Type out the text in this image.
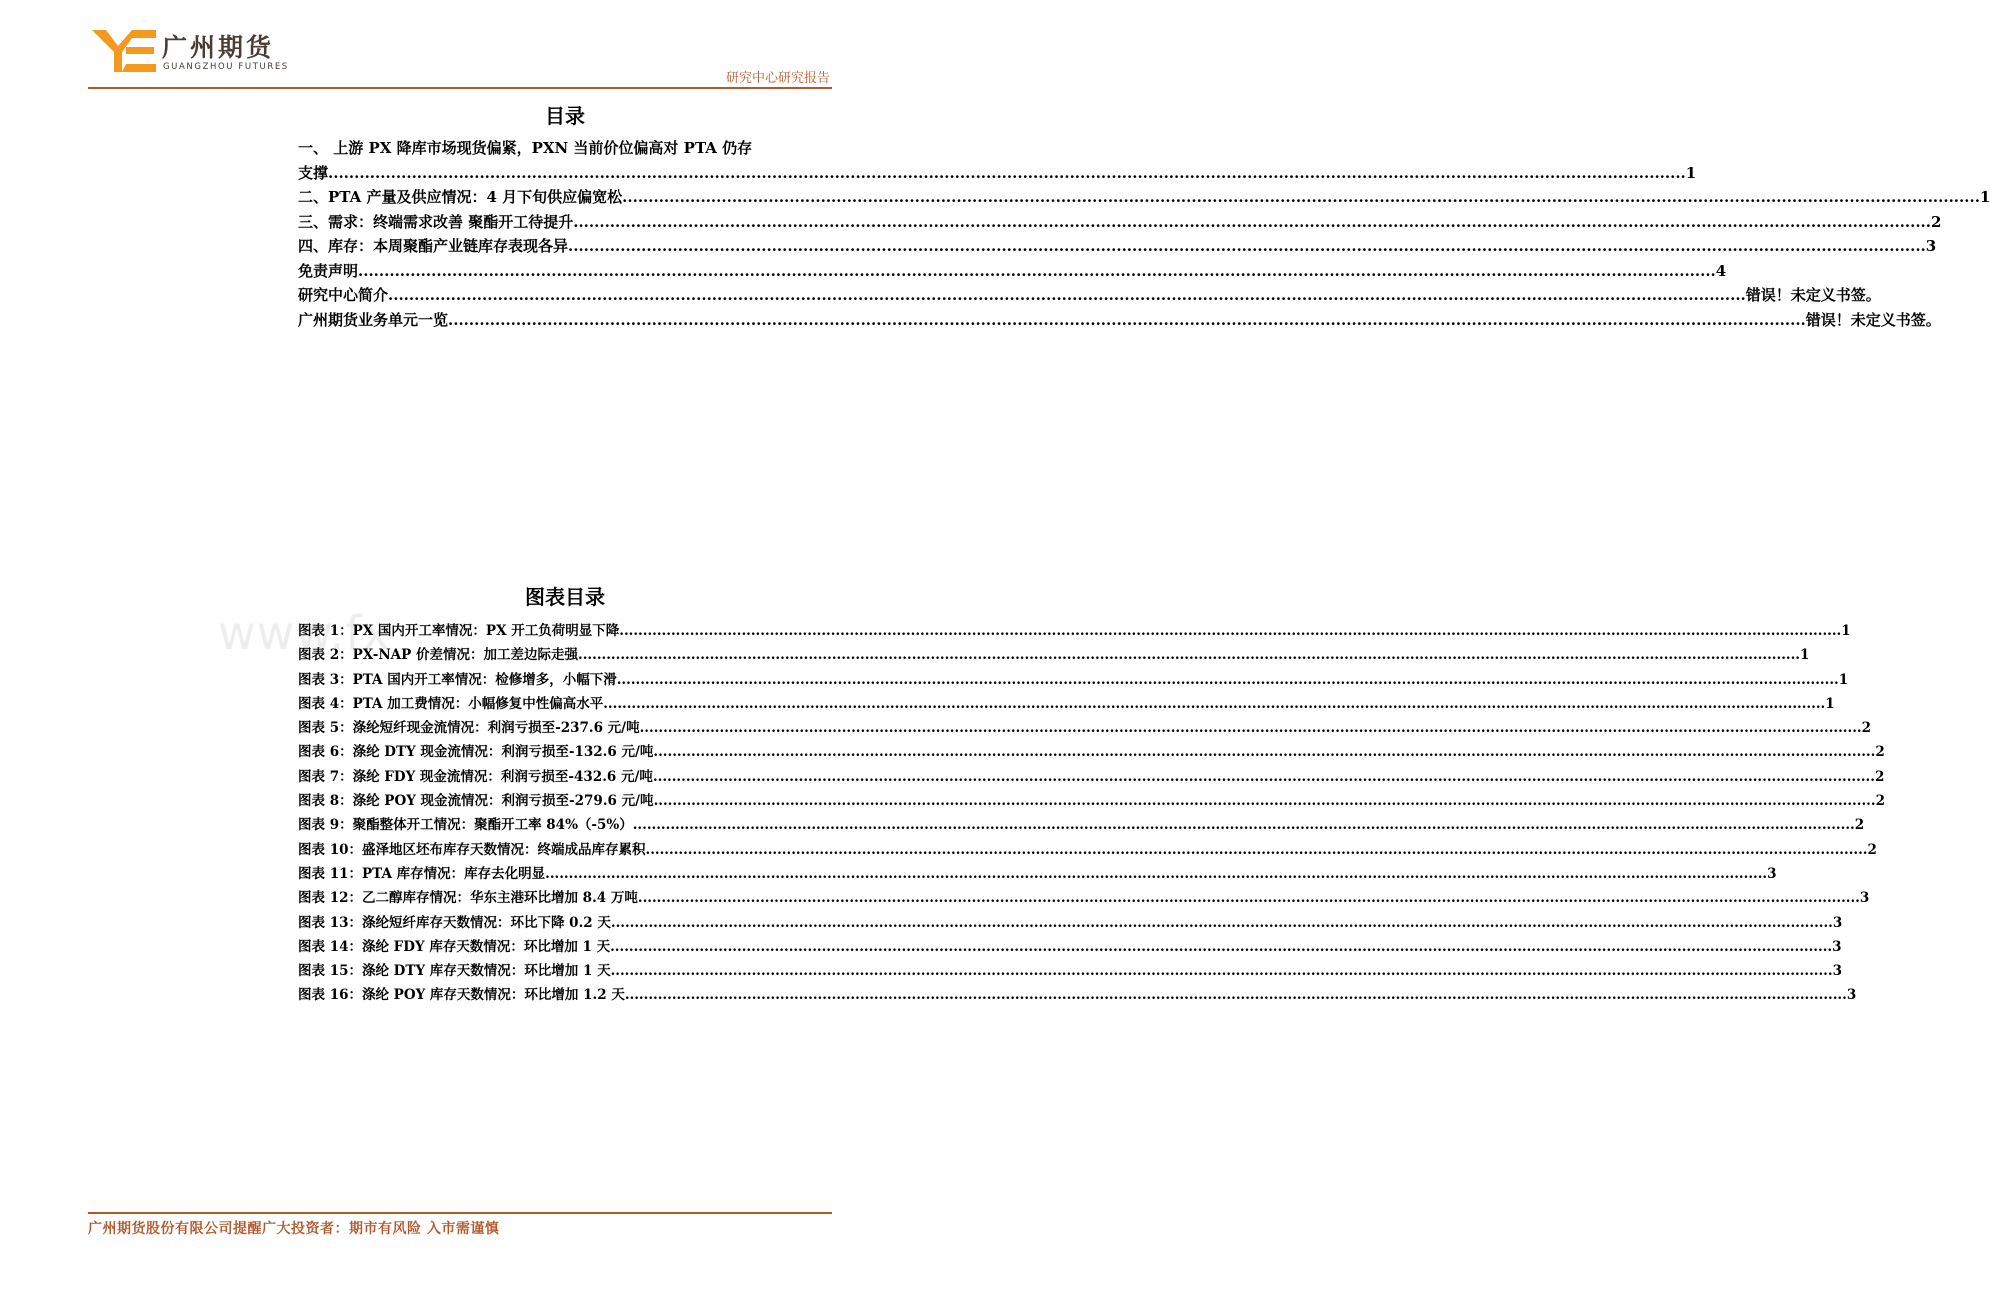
广州期货
GUANGZHOU FUTURES
研究中心研究报告
目录
一、 上游 PX 降库市场现货偏紧，PXN 当前价位偏高对 PTA 仍存
支撑 .................................................................................................................................................................................................................................................................... 1
二、PTA 产量及供应情况：4 月下旬供应偏宽松 .................................................................................................................................................................................................................................................................... 1
三、需求：终端需求改善 聚酯开工待提升 .................................................................................................................................................................................................................................................................... 2
四、库存：本周聚酯产业链库存表现各异 .................................................................................................................................................................................................................................................................... 3
免责声明 .................................................................................................................................................................................................................................................................... 4
研究中心简介 .................................................................................................................................................................................................................................................................... 错误！未定义书签。
广州期货业务单元一览 .................................................................................................................................................................................................................................................................... 错误！未定义书签。
www.fx
图表目录
图表 1：PX 国内开工率情况：PX 开工负荷明显下降 .................................................................................................................................................................................................................................................................... 1
图表 2：PX-NAP 价差情况：加工差边际走强 .................................................................................................................................................................................................................................................................... 1
图表 3：PTA 国内开工率情况：检修增多，小幅下滑 .................................................................................................................................................................................................................................................................... 1
图表 4：PTA 加工费情况：小幅修复中性偏高水平 .................................................................................................................................................................................................................................................................... 1
图表 5：涤纶短纤现金流情况：利润亏损至-237.6 元/吨 .................................................................................................................................................................................................................................................................... 2
图表 6：涤纶 DTY 现金流情况：利润亏损至-132.6 元/吨 .................................................................................................................................................................................................................................................................... 2
图表 7：涤纶 FDY 现金流情况：利润亏损至-432.6 元/吨 .................................................................................................................................................................................................................................................................... 2
图表 8：涤纶 POY 现金流情况：利润亏损至-279.6 元/吨 .................................................................................................................................................................................................................................................................... 2
图表 9：聚酯整体开工情况：聚酯开工率 84%（-5%） .................................................................................................................................................................................................................................................................... 2
图表 10：盛泽地区坯布库存天数情况：终端成品库存累积 .................................................................................................................................................................................................................................................................... 2
图表 11：PTA 库存情况：库存去化明显 .................................................................................................................................................................................................................................................................... 3
图表 12：乙二醇库存情况：华东主港环比增加 8.4 万吨 .................................................................................................................................................................................................................................................................... 3
图表 13：涤纶短纤库存天数情况：环比下降 0.2 天 .................................................................................................................................................................................................................................................................... 3
图表 14：涤纶 FDY 库存天数情况：环比增加 1 天 .................................................................................................................................................................................................................................................................... 3
图表 15：涤纶 DTY 库存天数情况：环比增加 1 天 .................................................................................................................................................................................................................................................................... 3
图表 16：涤纶 POY 库存天数情况：环比增加 1.2 天 .................................................................................................................................................................................................................................................................... 3
广州期货股份有限公司提醒广大投资者：期市有风险 入市需谨慎
